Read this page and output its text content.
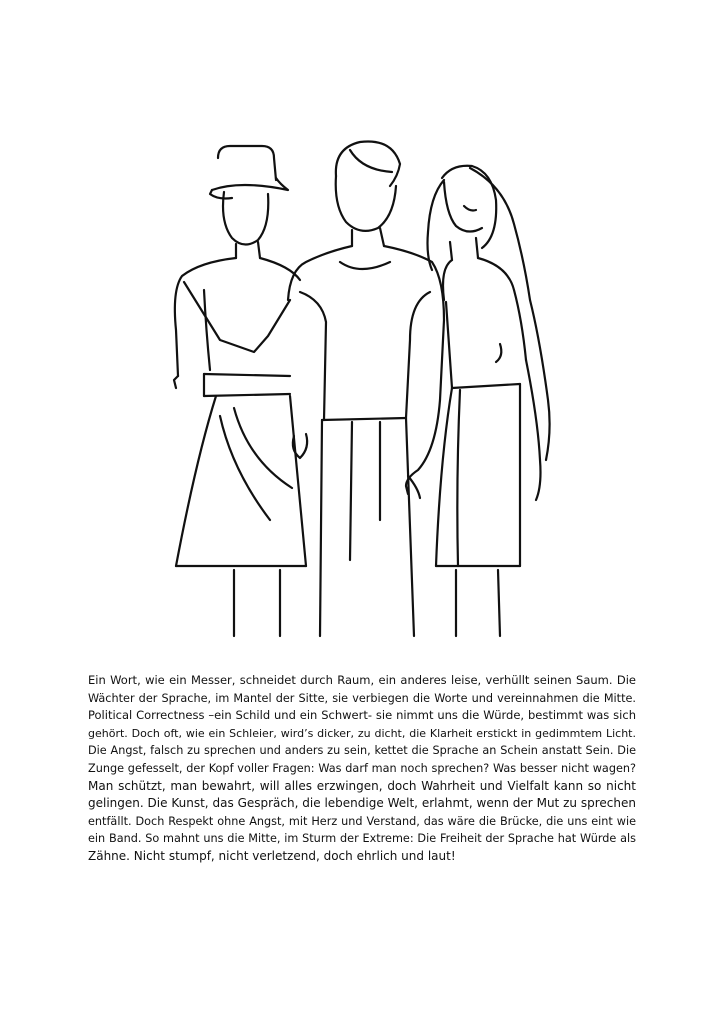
Ein Wort, wie ein Messer, schneidet durch Raum, ein anderes leise, verhüllt seinen Saum. Die
Wächter der Sprache, im Mantel der Sitte, sie verbiegen die Worte und vereinnahmen die Mitte.
Political Correctness –ein Schild und ein Schwert- sie nimmt uns die Würde, bestimmt was sich
gehört. Doch oft, wie ein Schleier, wird’s dicker, zu dicht, die Klarheit erstickt in gedimmtem Licht.
Die Angst, falsch zu sprechen und anders zu sein, kettet die Sprache an Schein anstatt Sein. Die
Zunge gefesselt, der Kopf voller Fragen: Was darf man noch sprechen? Was besser nicht wagen?
Man schützt, man bewahrt, will alles erzwingen, doch Wahrheit und Vielfalt kann so nicht
gelingen. Die Kunst, das Gespräch, die lebendige Welt, erlahmt, wenn der Mut zu sprechen
entfällt. Doch Respekt ohne Angst, mit Herz und Verstand, das wäre die Brücke, die uns eint wie
ein Band. So mahnt uns die Mitte, im Sturm der Extreme: Die Freiheit der Sprache hat Würde als
Zähne. Nicht stumpf, nicht verletzend, doch ehrlich und laut!
